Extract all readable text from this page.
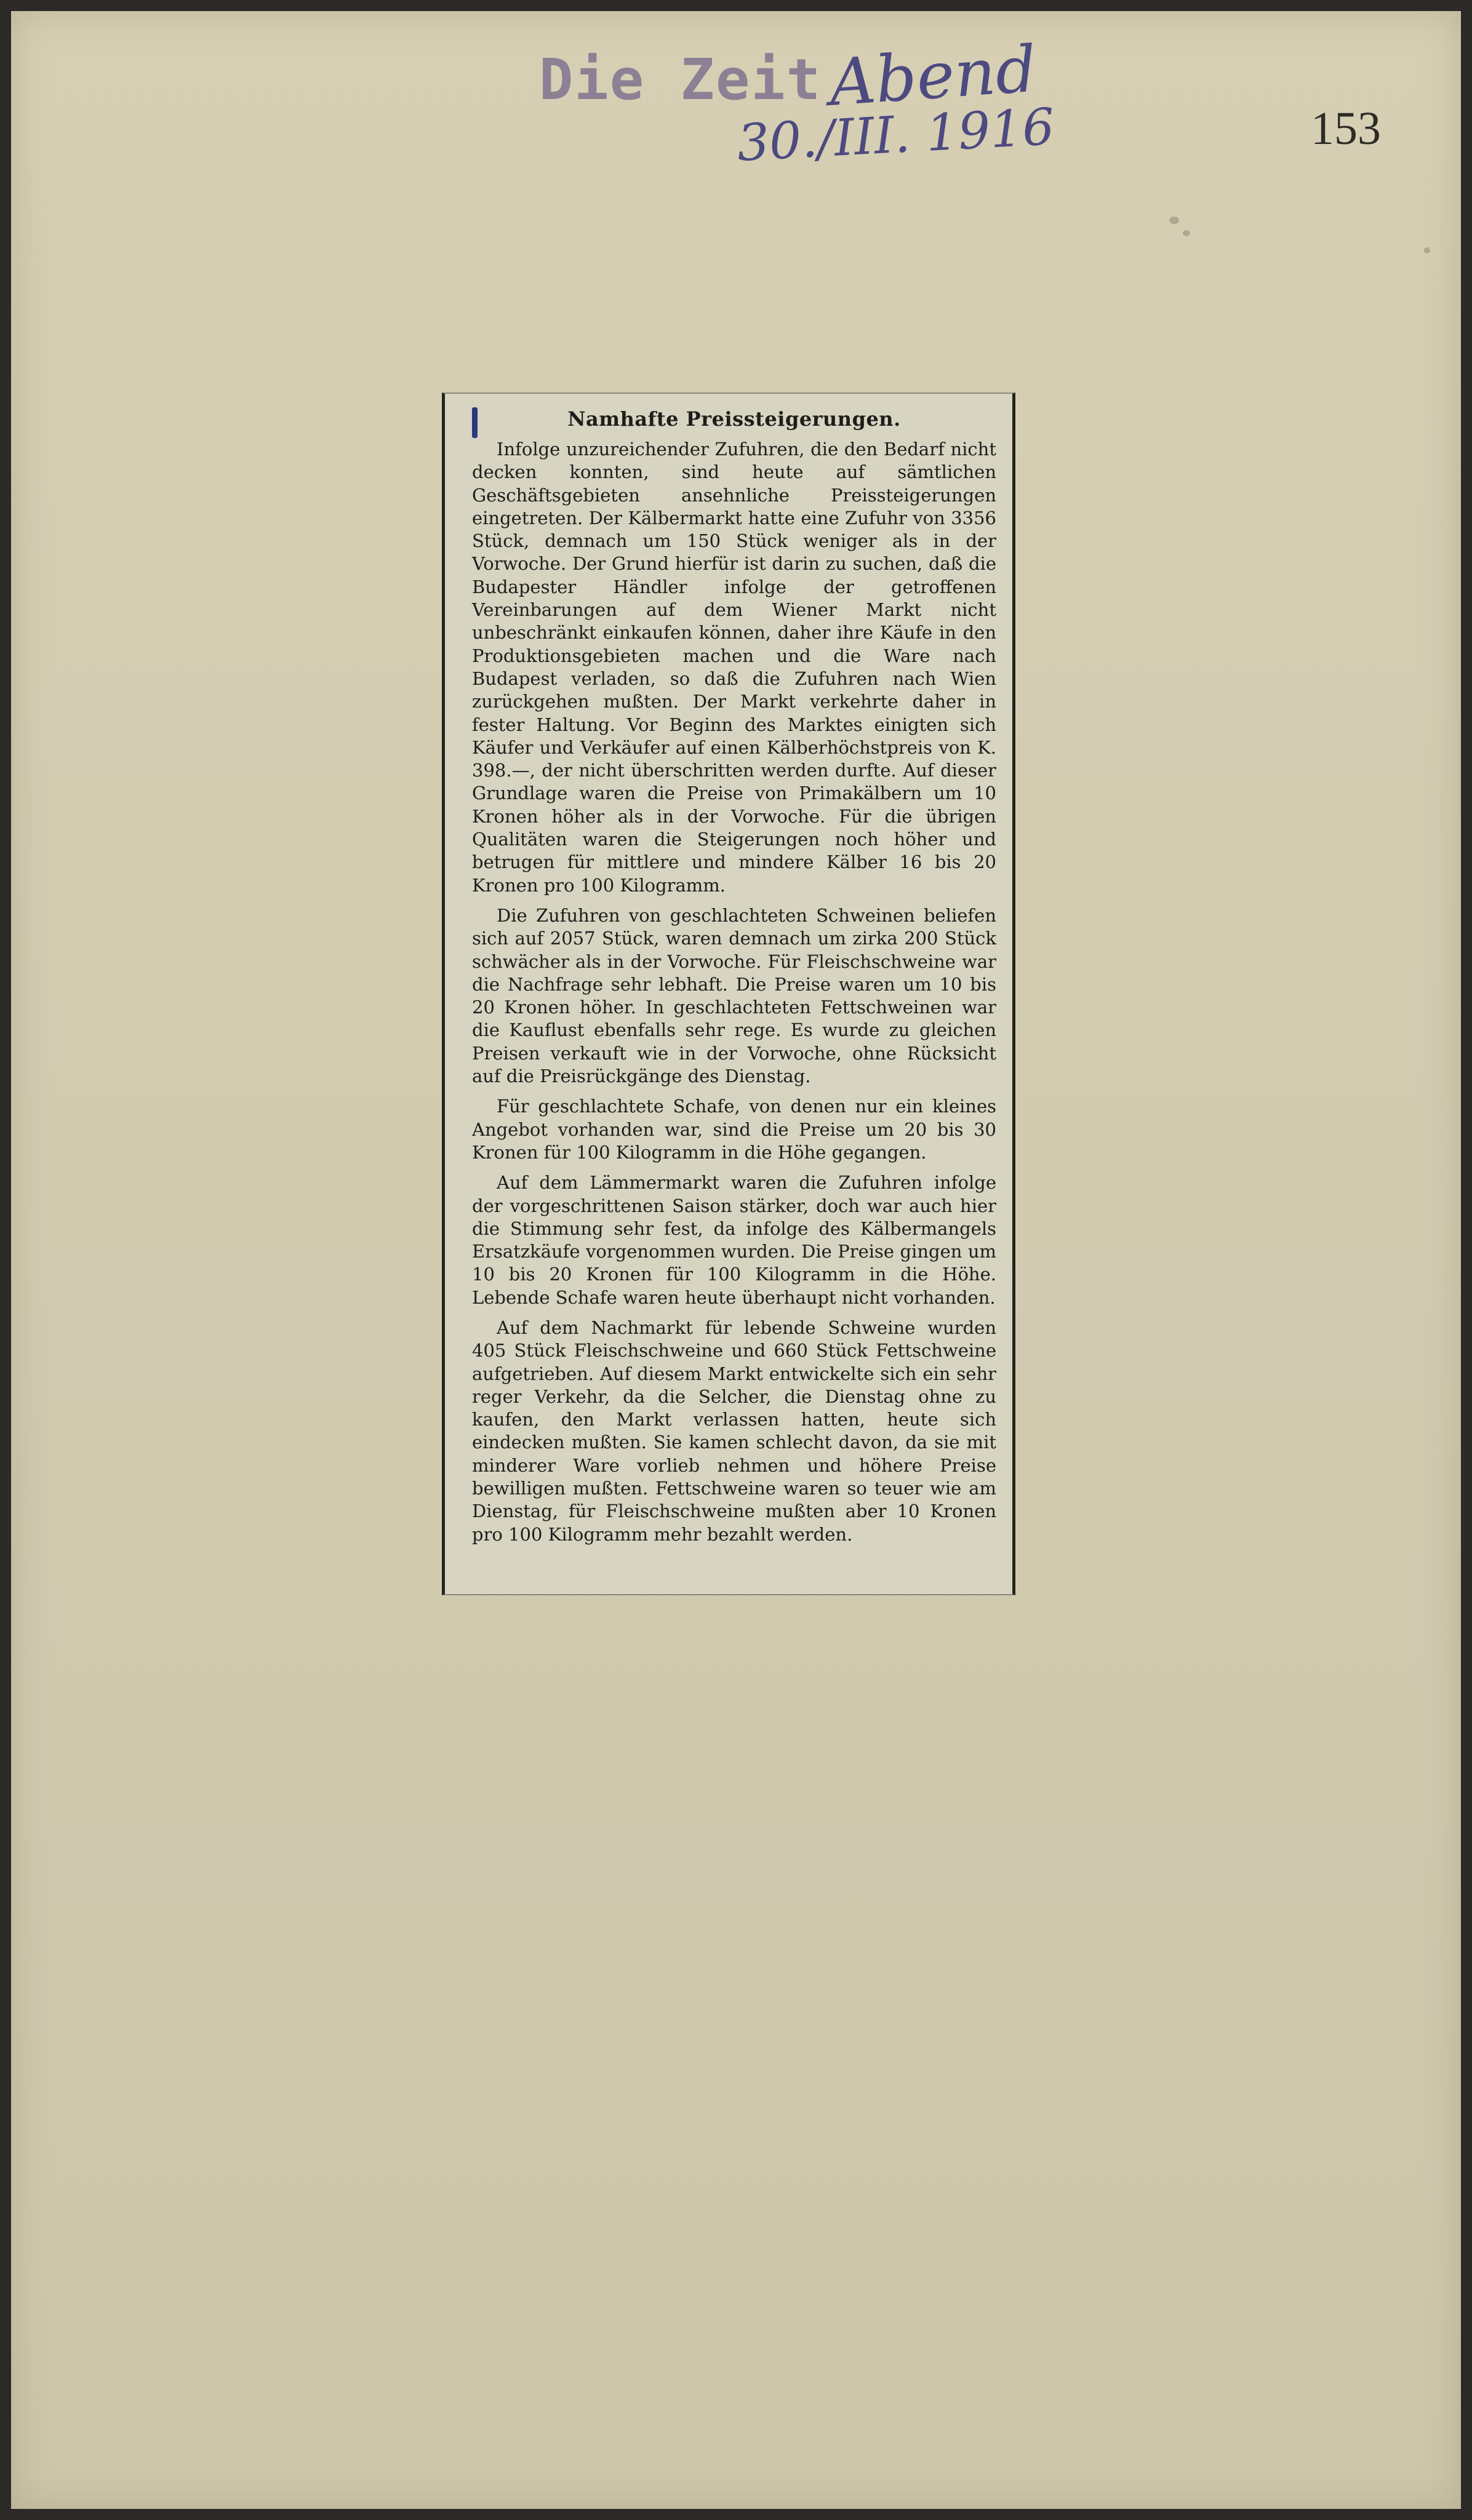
Die Zeit Abend
30./III. 1916	153
Namhafte Preissteigerungen.

Infolge unzureichender Zufuhren, die den Bedarf nicht decken konnten, sind heute auf sämtlichen Geschäftsgebieten ansehnliche Preissteigerungen eingetreten. Der Kälbermarkt hatte eine Zufuhr von 3356 Stück, demnach um 150 Stück weniger als in der Vorwoche. Der Grund hierfür ist darin zu suchen, daß die Budapester Händler infolge der getroffenen Vereinbarungen auf dem Wiener Markt nicht unbeschränkt einkaufen können, daher ihre Käufe in den Produktionsgebieten machen und die Ware nach Budapest verladen, so daß die Zufuhren nach Wien zurückgehen mußten. Der Markt verkehrte daher in fester Haltung. Vor Beginn des Marktes einigten sich Käufer und Verkäufer auf einen Kälberhöchstpreis von K. 398.—, der nicht überschritten werden durfte. Auf dieser Grundlage waren die Preise von Primakälbern um 10 Kronen höher als in der Vorwoche. Für die übrigen Qualitäten waren die Steigerungen noch höher und betrugen für mittlere und mindere Kälber 16 bis 20 Kronen pro 100 Kilogramm.

Die Zufuhren von geschlachteten Schweinen beliefen sich auf 2057 Stück, waren demnach um zirka 200 Stück schwächer als in der Vorwoche. Für Fleischschweine war die Nachfrage sehr lebhaft. Die Preise waren um 10 bis 20 Kronen höher. In geschlachteten Fettschweinen war die Kauflust ebenfalls sehr rege. Es wurde zu gleichen Preisen verkauft wie in der Vorwoche, ohne Rücksicht auf die Preisrückgänge des Dienstag.

Für geschlachtete Schafe, von denen nur ein kleines Angebot vorhanden war, sind die Preise um 20 bis 30 Kronen für 100 Kilogramm in die Höhe gegangen.

Auf dem Lämmermarkt waren die Zufuhren infolge der vorgeschrittenen Saison stärker, doch war auch hier die Stimmung sehr fest, da infolge des Kälbermangels Ersatzkäufe vorgenommen wurden. Die Preise gingen um 10 bis 20 Kronen für 100 Kilogramm in die Höhe. Lebende Schafe waren heute überhaupt nicht vorhanden.

Auf dem Nachmarkt für lebende Schweine wurden 405 Stück Fleischschweine und 660 Stück Fettschweine aufgetrieben. Auf diesem Markt entwickelte sich ein sehr reger Verkehr, da die Selcher, die Dienstag ohne zu kaufen, den Markt verlassen hatten, heute sich eindecken mußten. Sie kamen schlecht davon, da sie mit minderer Ware vorlieb nehmen und höhere Preise bewilligen mußten. Fettschweine waren so teuer wie am Dienstag, für Fleischschweine mußten aber 10 Kronen pro 100 Kilogramm mehr bezahlt werden.
